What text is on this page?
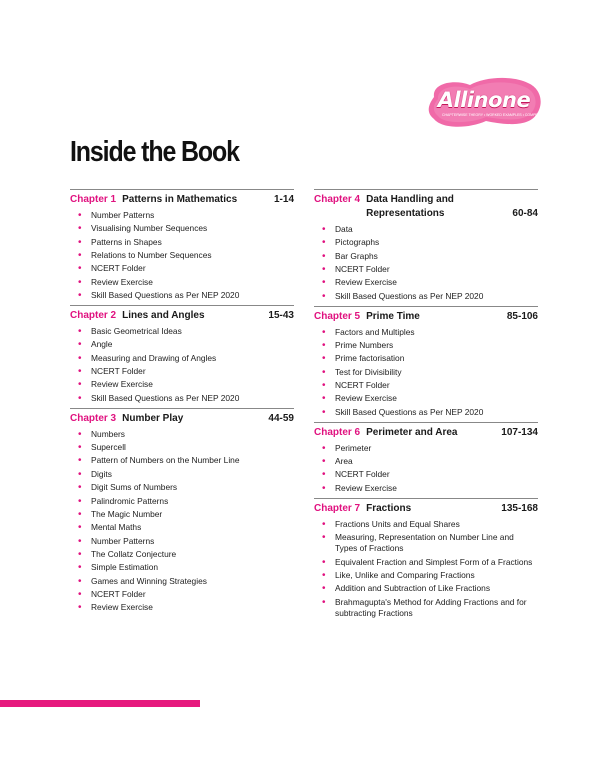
Allinone
CHAPTERWISE THEORY • WORKED EXAMPLES • COMPETENCY BASED QUESTIONS
Inside the Book
Chapter 1 Patterns in Mathematics	1-14
• Number Patterns
• Visualising Number Sequences
• Patterns in Shapes
• Relations to Number Sequences
• NCERT Folder
• Review Exercise
• Skill Based Questions as Per NEP 2020
Chapter 2 Lines and Angles	15-43
• Basic Geometrical Ideas
• Angle
• Measuring and Drawing of Angles
• NCERT Folder
• Review Exercise
• Skill Based Questions as Per NEP 2020
Chapter 3 Number Play	44-59
• Numbers
• Supercell
• Pattern of Numbers on the Number Line
• Digits
• Digit Sums of Numbers
• Palindromic Patterns
• The Magic Number
• Mental Maths
• Number Patterns
• The Collatz Conjecture
• Simple Estimation
• Games and Winning Strategies
• NCERT Folder
• Review Exercise
Chapter 4 Data Handling and Representations	60-84
• Data
• Pictographs
• Bar Graphs
• NCERT Folder
• Review Exercise
• Skill Based Questions as Per NEP 2020
Chapter 5 Prime Time	85-106
• Factors and Multiples
• Prime Numbers
• Prime factorisation
• Test for Divisibility
• NCERT Folder
• Review Exercise
• Skill Based Questions as Per NEP 2020
Chapter 6 Perimeter and Area	107-134
• Perimeter
• Area
• NCERT Folder
• Review Exercise
Chapter 7 Fractions	135-168
• Fractions Units and Equal Shares
• Measuring, Representation on Number Line and Types of Fractions
• Equivalent Fraction and Simplest Form of a Fractions
• Like, Unlike and Comparing Fractions
• Addition and Subtraction of Like Fractions
• Brahmagupta's Method for Adding Fractions and for subtracting Fractions
